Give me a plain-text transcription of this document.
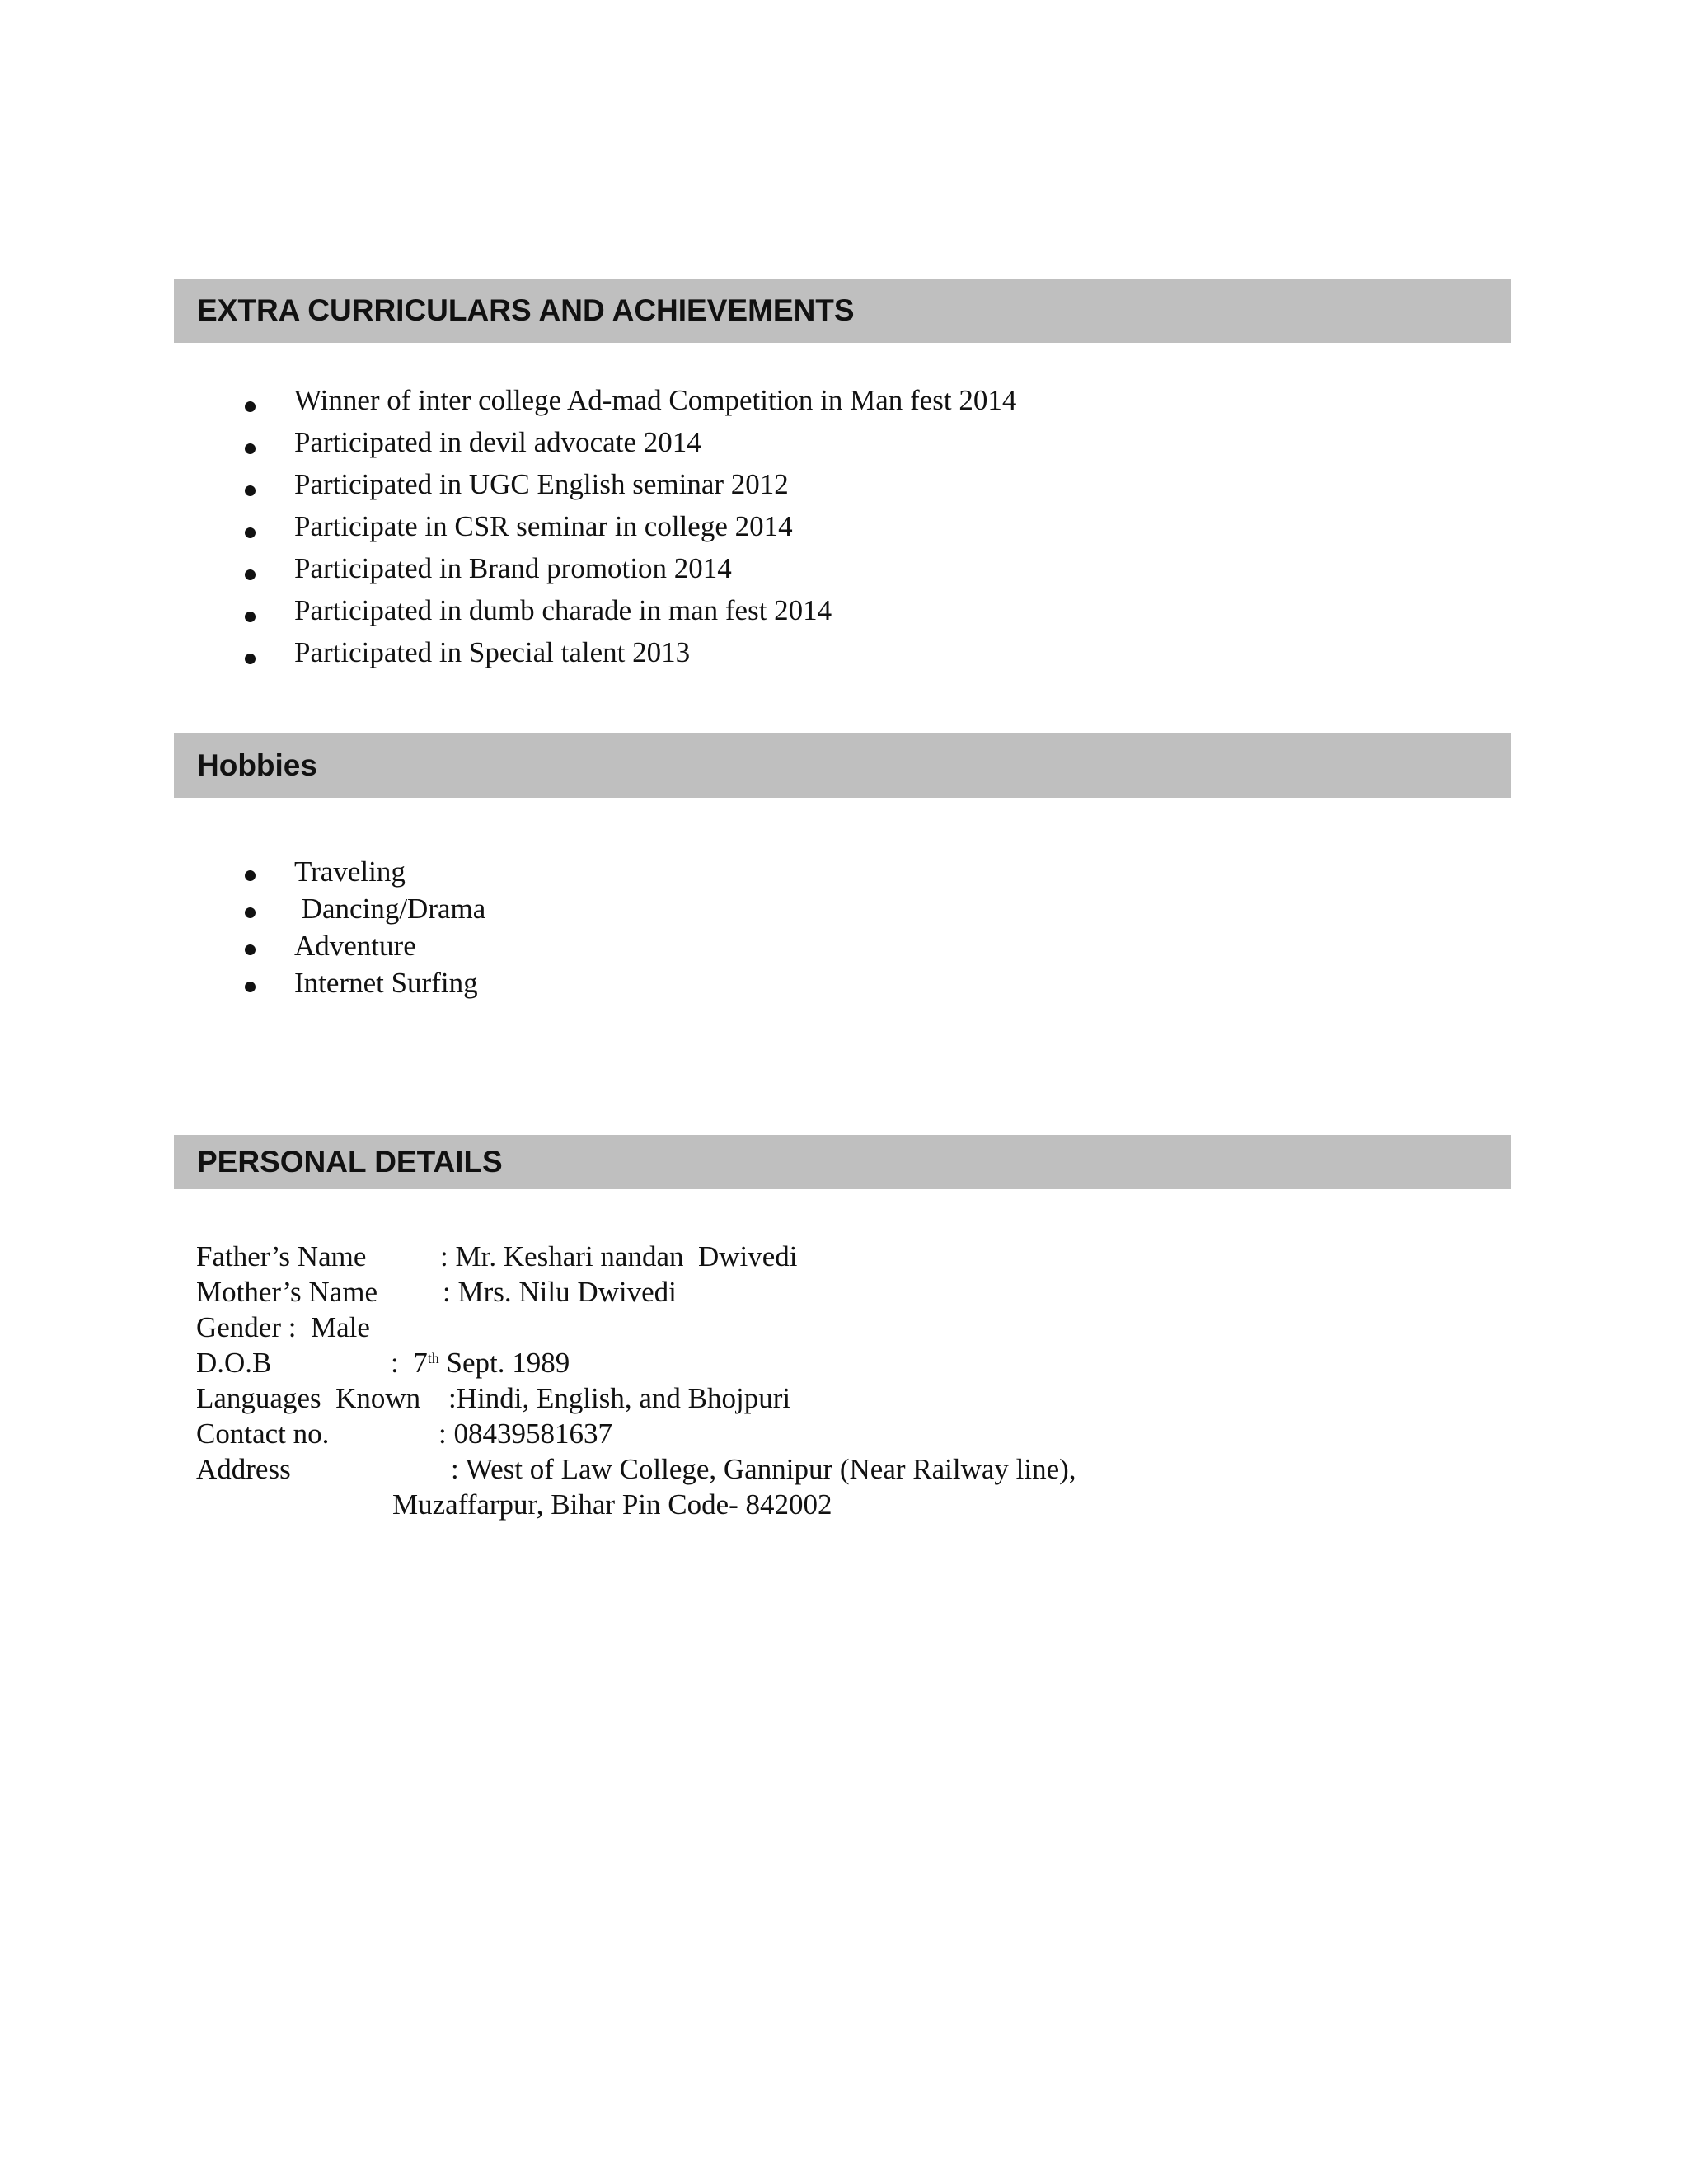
EXTRA CURRICULARS AND ACHIEVEMENTS
Winner of inter college Ad-mad Competition in Man fest 2014
Participated in devil advocate 2014
Participated in UGC English seminar 2012
Participate in CSR seminar in college 2014
Participated in Brand promotion 2014
Participated in dumb charade in man fest 2014
Participated in Special talent 2013
Hobbies
Traveling
Dancing/Drama
Adventure
Internet Surfing
PERSONAL DETAILS
Father’s Name	: Mr. Keshari nandan  Dwivedi
Mother’s Name : Mrs. Nilu Dwivedi
Gender :  Male
D.O.B	:  7th Sept. 1989
Languages  Known :Hindi, English, and Bhojpuri
Contact no.	: 08439581637
Address	: West of Law College, Gannipur (Near Railway line),
Muzaffarpur, Bihar Pin Code- 842002
